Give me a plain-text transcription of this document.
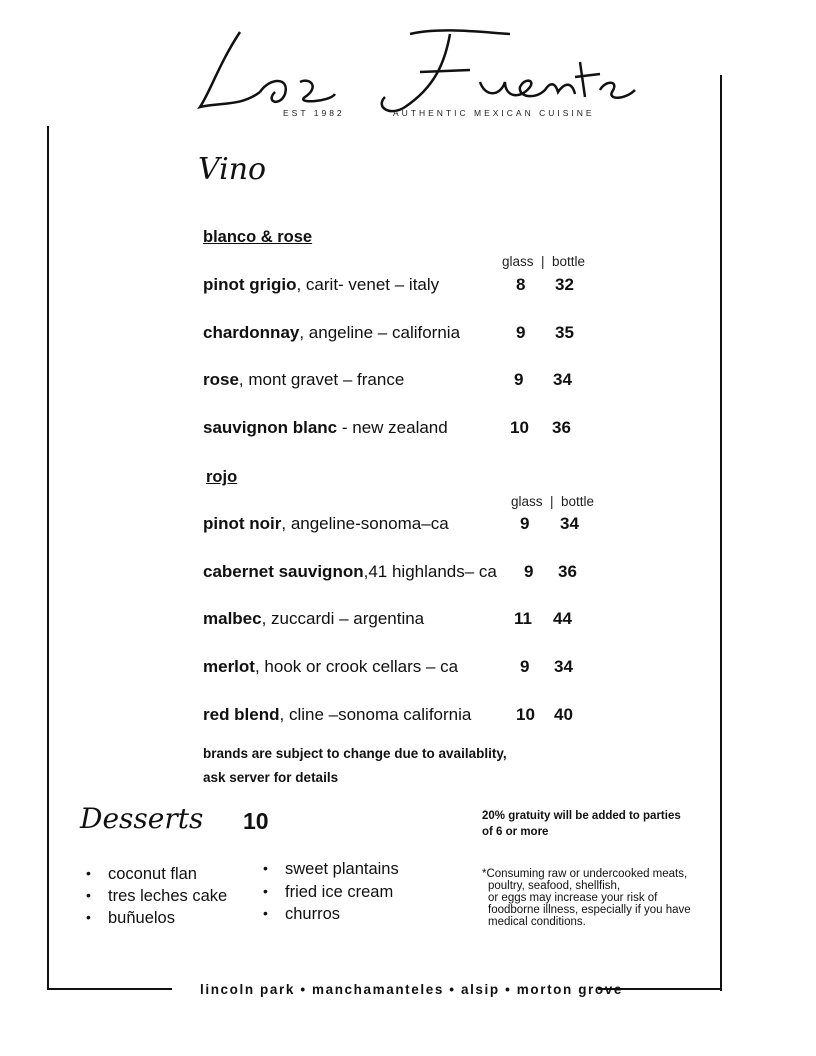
EST 1982	AUTHENTIC MEXICAN CUISINE
Vino
blanco & rose
glass  |  bottle
pinot grigio, carit- venet – italy	8 32
chardonnay, angeline – california	9 35
rose, mont gravet – france	9 34
sauvignon blanc - new zealand	10 36
rojo
glass  |  bottle
pinot noir, angeline-sonoma–ca	9 34
cabernet sauvignon,41 highlands– ca 9 36
malbec, zuccardi – argentina	11 44
merlot, hook or crook cellars – ca	9 34
red blend, cline –sonoma california	10 40
brands are subject to change due to availablity,
ask server for details
Desserts 10
• coconut flan
• tres leches cake
• buñuelos
• sweet plantains
• fried ice cream
• churros
20% gratuity will be added to parties
of 6 or more
*Consuming raw or undercooked meats,
poultry, seafood, shellfish,
or eggs may increase your risk of
foodborne illness, especially if you have
medical conditions.
lincoln park • manchamanteles • alsip • morton grove
